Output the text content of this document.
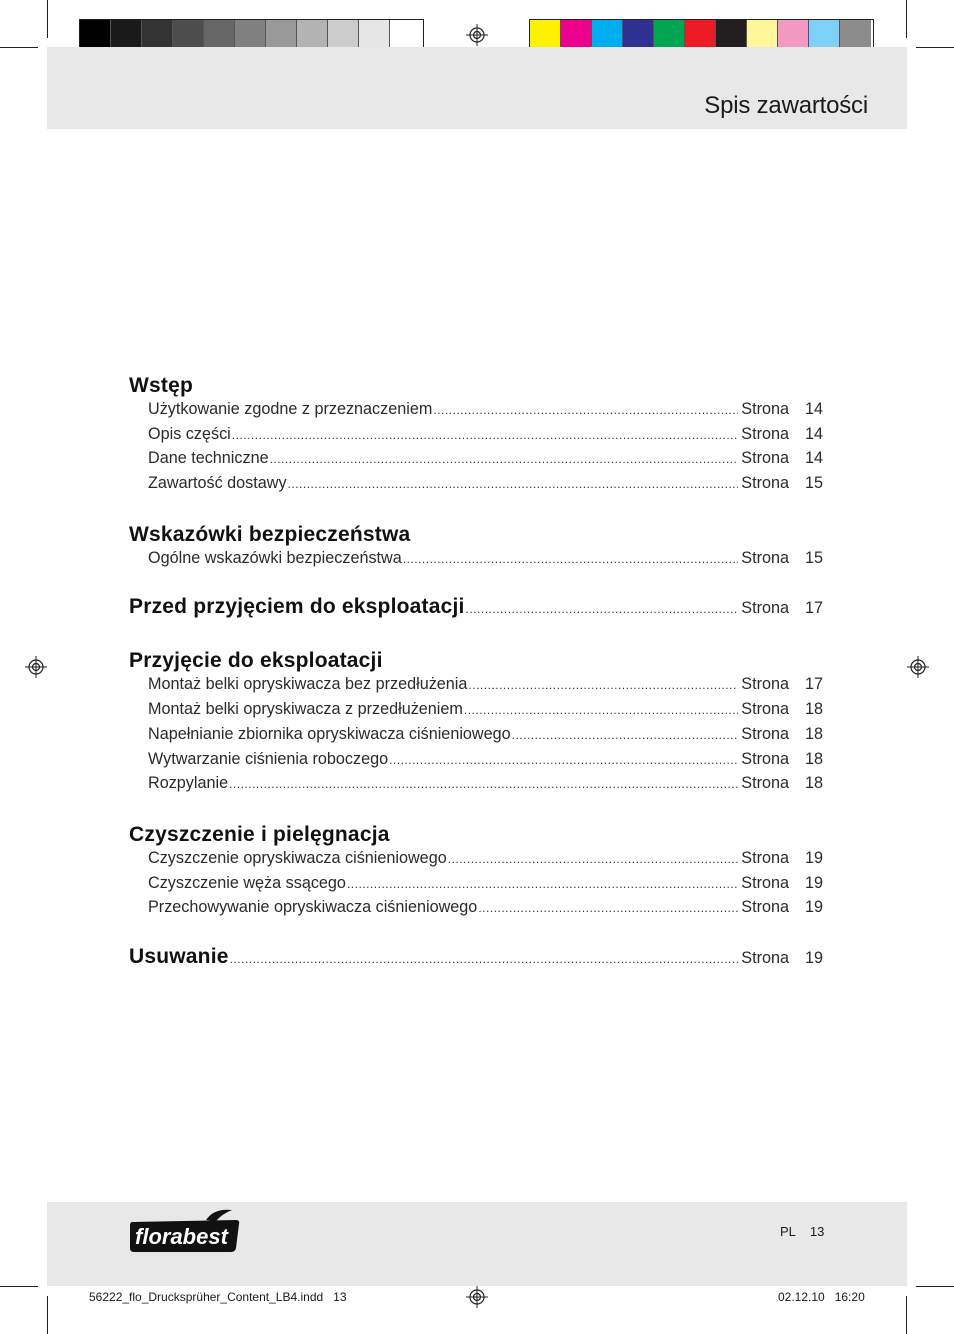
Spis zawartości
Wstęp
Użytkowanie zgodne z przeznaczeniem .....	Strona 14
Opis części .....	Strona 14
Dane techniczne .....	Strona 14
Zawartość dostawy .....	Strona 15
Wskazówki bezpieczeństwa
Ogólne wskazówki bezpieczeństwa .....	Strona 15
Przed przyjęciem do eksploatacji .....	Strona 17
Przyjęcie do eksploatacji
Montaż belki opryskiwacza bez przedłużenia .....	Strona 17
Montaż belki opryskiwacza z przedłużeniem .....	Strona 18
Napełnianie zbiornika opryskiwacza ciśnieniowego .....	Strona 18
Wytwarzanie ciśnienia roboczego .....	Strona 18
Rozpylanie .....	Strona 18
Czyszczenie i pielęgnacja
Czyszczenie opryskiwacza ciśnieniowego .....	Strona 19
Czyszczenie węża ssącego .....	Strona 19
Przechowywanie opryskiwacza ciśnieniowego .....	Strona 19
Usuwanie .....	Strona 19
florabest	PL 13
56222_flo_Drucksprüher_Content_LB4.indd   13	02.12.10   16:20
